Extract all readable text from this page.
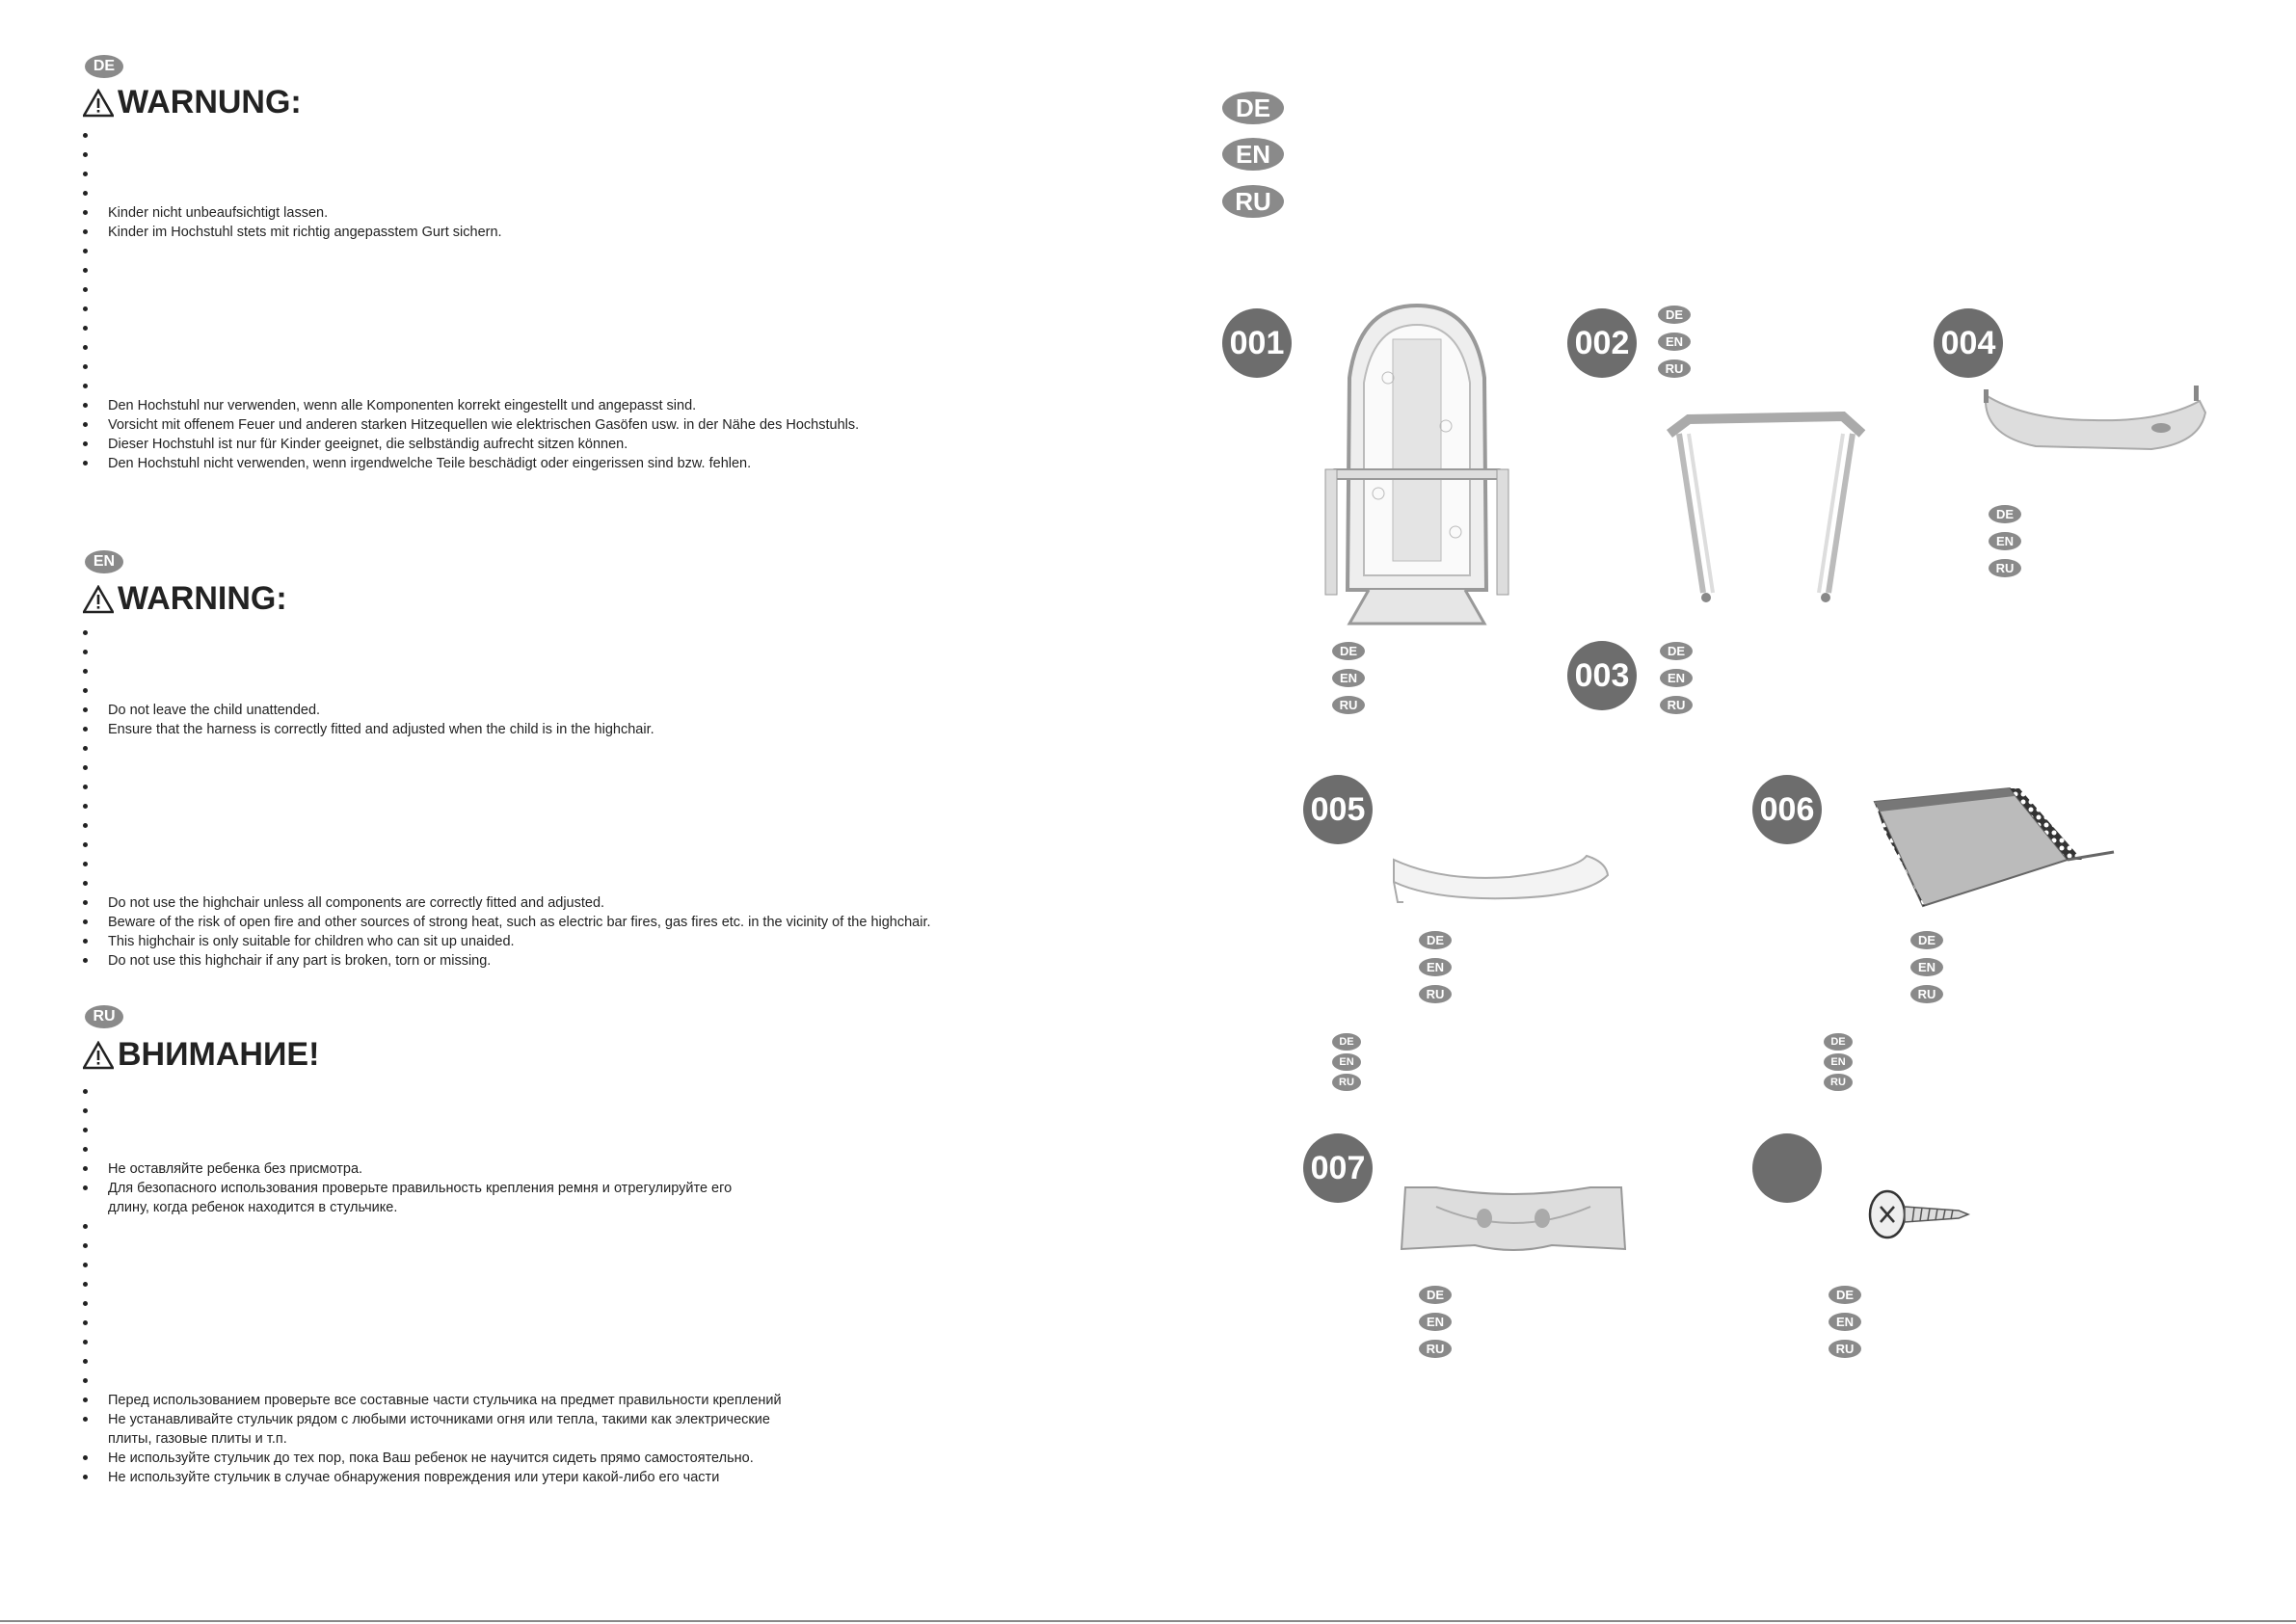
DE
WARNUNG:

Kinder nicht unbeaufsichtigt lassen.
Kinder im Hochstuhl stets mit richtig angepasstem Gurt sichern.

Den Hochstuhl nur verwenden, wenn alle Komponenten korrekt eingestellt und angepasst sind.
Vorsicht mit offenem Feuer und anderen starken Hitzequellen wie elektrischen Gasöfen usw. in der Nähe des Hochstuhls.
Dieser Hochstuhl ist nur für Kinder geeignet, die selbständig aufrecht sitzen können.
Den Hochstuhl nicht verwenden, wenn irgendwelche Teile beschädigt oder eingerissen sind bzw. fehlen.
EN
WARNING:

Do not leave the child unattended.
Ensure that the harness is correctly fitted and adjusted when the child is in the highchair.

Do not use the highchair unless all components are correctly fitted and adjusted.
Beware of the risk of open fire and other sources of strong heat, such as electric bar fires, gas fires etc. in the vicinity of the highchair.
This highchair is only suitable for children who can sit up unaided.
Do not use this highchair if any part is broken, torn or missing.
RU
ВНИМАНИЕ!

Не оставляйте ребенка без присмотра.
Для безопасного использования проверьте правильность крепления ремня и отрегулируйте его
длину, когда ребенок находится в стульчике.

Перед использованием проверьте все составные части стульчика на предмет правильности креплений
Не устанавливайте стульчик рядом с любыми источниками огня или тепла, такими как электрические
плиты, газовые плиты и т.п.
Не используйте стульчик до тех пор, пока Ваш ребенок не научится сидеть прямо самостоятельно.
Не используйте стульчик в случае обнаружения повреждения или утери какой-либо его части
DE
EN
RU
001
DE
EN
RU
002
DE
EN
RU
003
DE
EN
RU
004
DE
EN
RU
005
DE
EN
RU
DE
EN
RU
006
DE
EN
RU
DE
EN
RU
007
DE
EN
RU
DE
EN
RU
